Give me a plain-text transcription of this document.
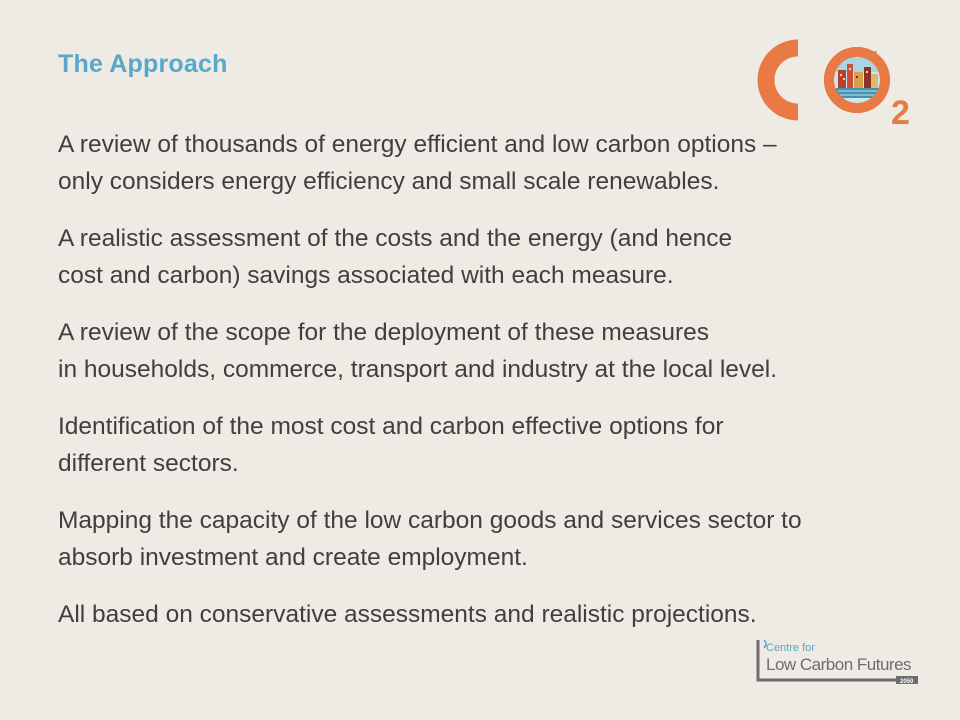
The Approach
2
A review of thousands of energy efficient and low carbon options –
only considers energy efficiency and small scale renewables.
A realistic assessment of the costs and the energy (and hence
cost and carbon) savings associated with each measure.
A review of the scope for the deployment of these measures
in households, commerce, transport and industry at the local level.
Identification of the most cost and carbon effective options for
different sectors.
Mapping the capacity of the low carbon goods and services sector to
absorb investment and create employment.
All based on conservative assessments and realistic projections.
Centre for
Low Carbon Futures
2050
